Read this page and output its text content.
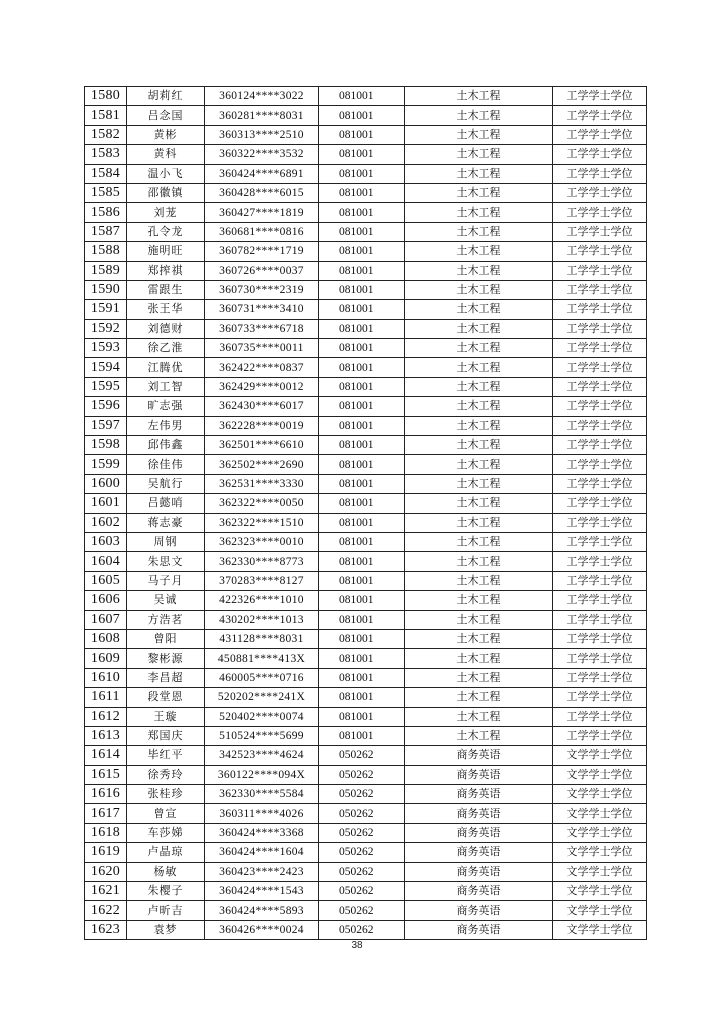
1580	胡莉红	360124****3022	081001	土木工程	工学学士学位
1581	吕念国	360281****8031	081001	土木工程	工学学士学位
1582	黄彬	360313****2510	081001	土木工程	工学学士学位
1583	黄科	360322****3532	081001	土木工程	工学学士学位
1584	温小飞	360424****6891	081001	土木工程	工学学士学位
1585	邵徽镇	360428****6015	081001	土木工程	工学学士学位
1586	刘茏	360427****1819	081001	土木工程	工学学士学位
1587	孔令龙	360681****0816	081001	土木工程	工学学士学位
1588	施明旺	360782****1719	081001	土木工程	工学学士学位
1589	郑搾祺	360726****0037	081001	土木工程	工学学士学位
1590	雷跟生	360730****2319	081001	土木工程	工学学士学位
1591	张王华	360731****3410	081001	土木工程	工学学士学位
1592	刘德财	360733****6718	081001	土木工程	工学学士学位
1593	徐乙淮	360735****0011	081001	土木工程	工学学士学位
1594	江腾优	362422****0837	081001	土木工程	工学学士学位
1595	刘工智	362429****0012	081001	土木工程	工学学士学位
1596	旷志强	362430****6017	081001	土木工程	工学学士学位
1597	左伟男	362228****0019	081001	土木工程	工学学士学位
1598	邱伟鑫	362501****6610	081001	土木工程	工学学士学位
1599	徐佳伟	362502****2690	081001	土木工程	工学学士学位
1600	吴航行	362531****3330	081001	土木工程	工学学士学位
1601	吕懿哨	362322****0050	081001	土木工程	工学学士学位
1602	蒋志豪	362322****1510	081001	土木工程	工学学士学位
1603	周钢	362323****0010	081001	土木工程	工学学士学位
1604	朱思文	362330****8773	081001	土木工程	工学学士学位
1605	马子月	370283****8127	081001	土木工程	工学学士学位
1606	吴诚	422326****1010	081001	土木工程	工学学士学位
1607	方浩茗	430202****1013	081001	土木工程	工学学士学位
1608	曾阳	431128****8031	081001	土木工程	工学学士学位
1609	黎彬源	450881****413X	081001	土木工程	工学学士学位
1610	李昌超	460005****0716	081001	土木工程	工学学士学位
1611	段堂恩	520202****241X	081001	土木工程	工学学士学位
1612	王璇	520402****0074	081001	土木工程	工学学士学位
1613	郑国庆	510524****5699	081001	土木工程	工学学士学位
1614	毕红平	342523****4624	050262	商务英语	文学学士学位
1615	徐秀玲	360122****094X	050262	商务英语	文学学士学位
1616	张桂珍	362330****5584	050262	商务英语	文学学士学位
1617	曾宣	360311****4026	050262	商务英语	文学学士学位
1618	车莎娣	360424****3368	050262	商务英语	文学学士学位
1619	卢晶琼	360424****1604	050262	商务英语	文学学士学位
1620	杨敏	360423****2423	050262	商务英语	文学学士学位
1621	朱樱子	360424****1543	050262	商务英语	文学学士学位
1622	卢昕吉	360424****5893	050262	商务英语	文学学士学位
1623	袁梦	360426****0024	050262	商务英语	文学学士学位
38
